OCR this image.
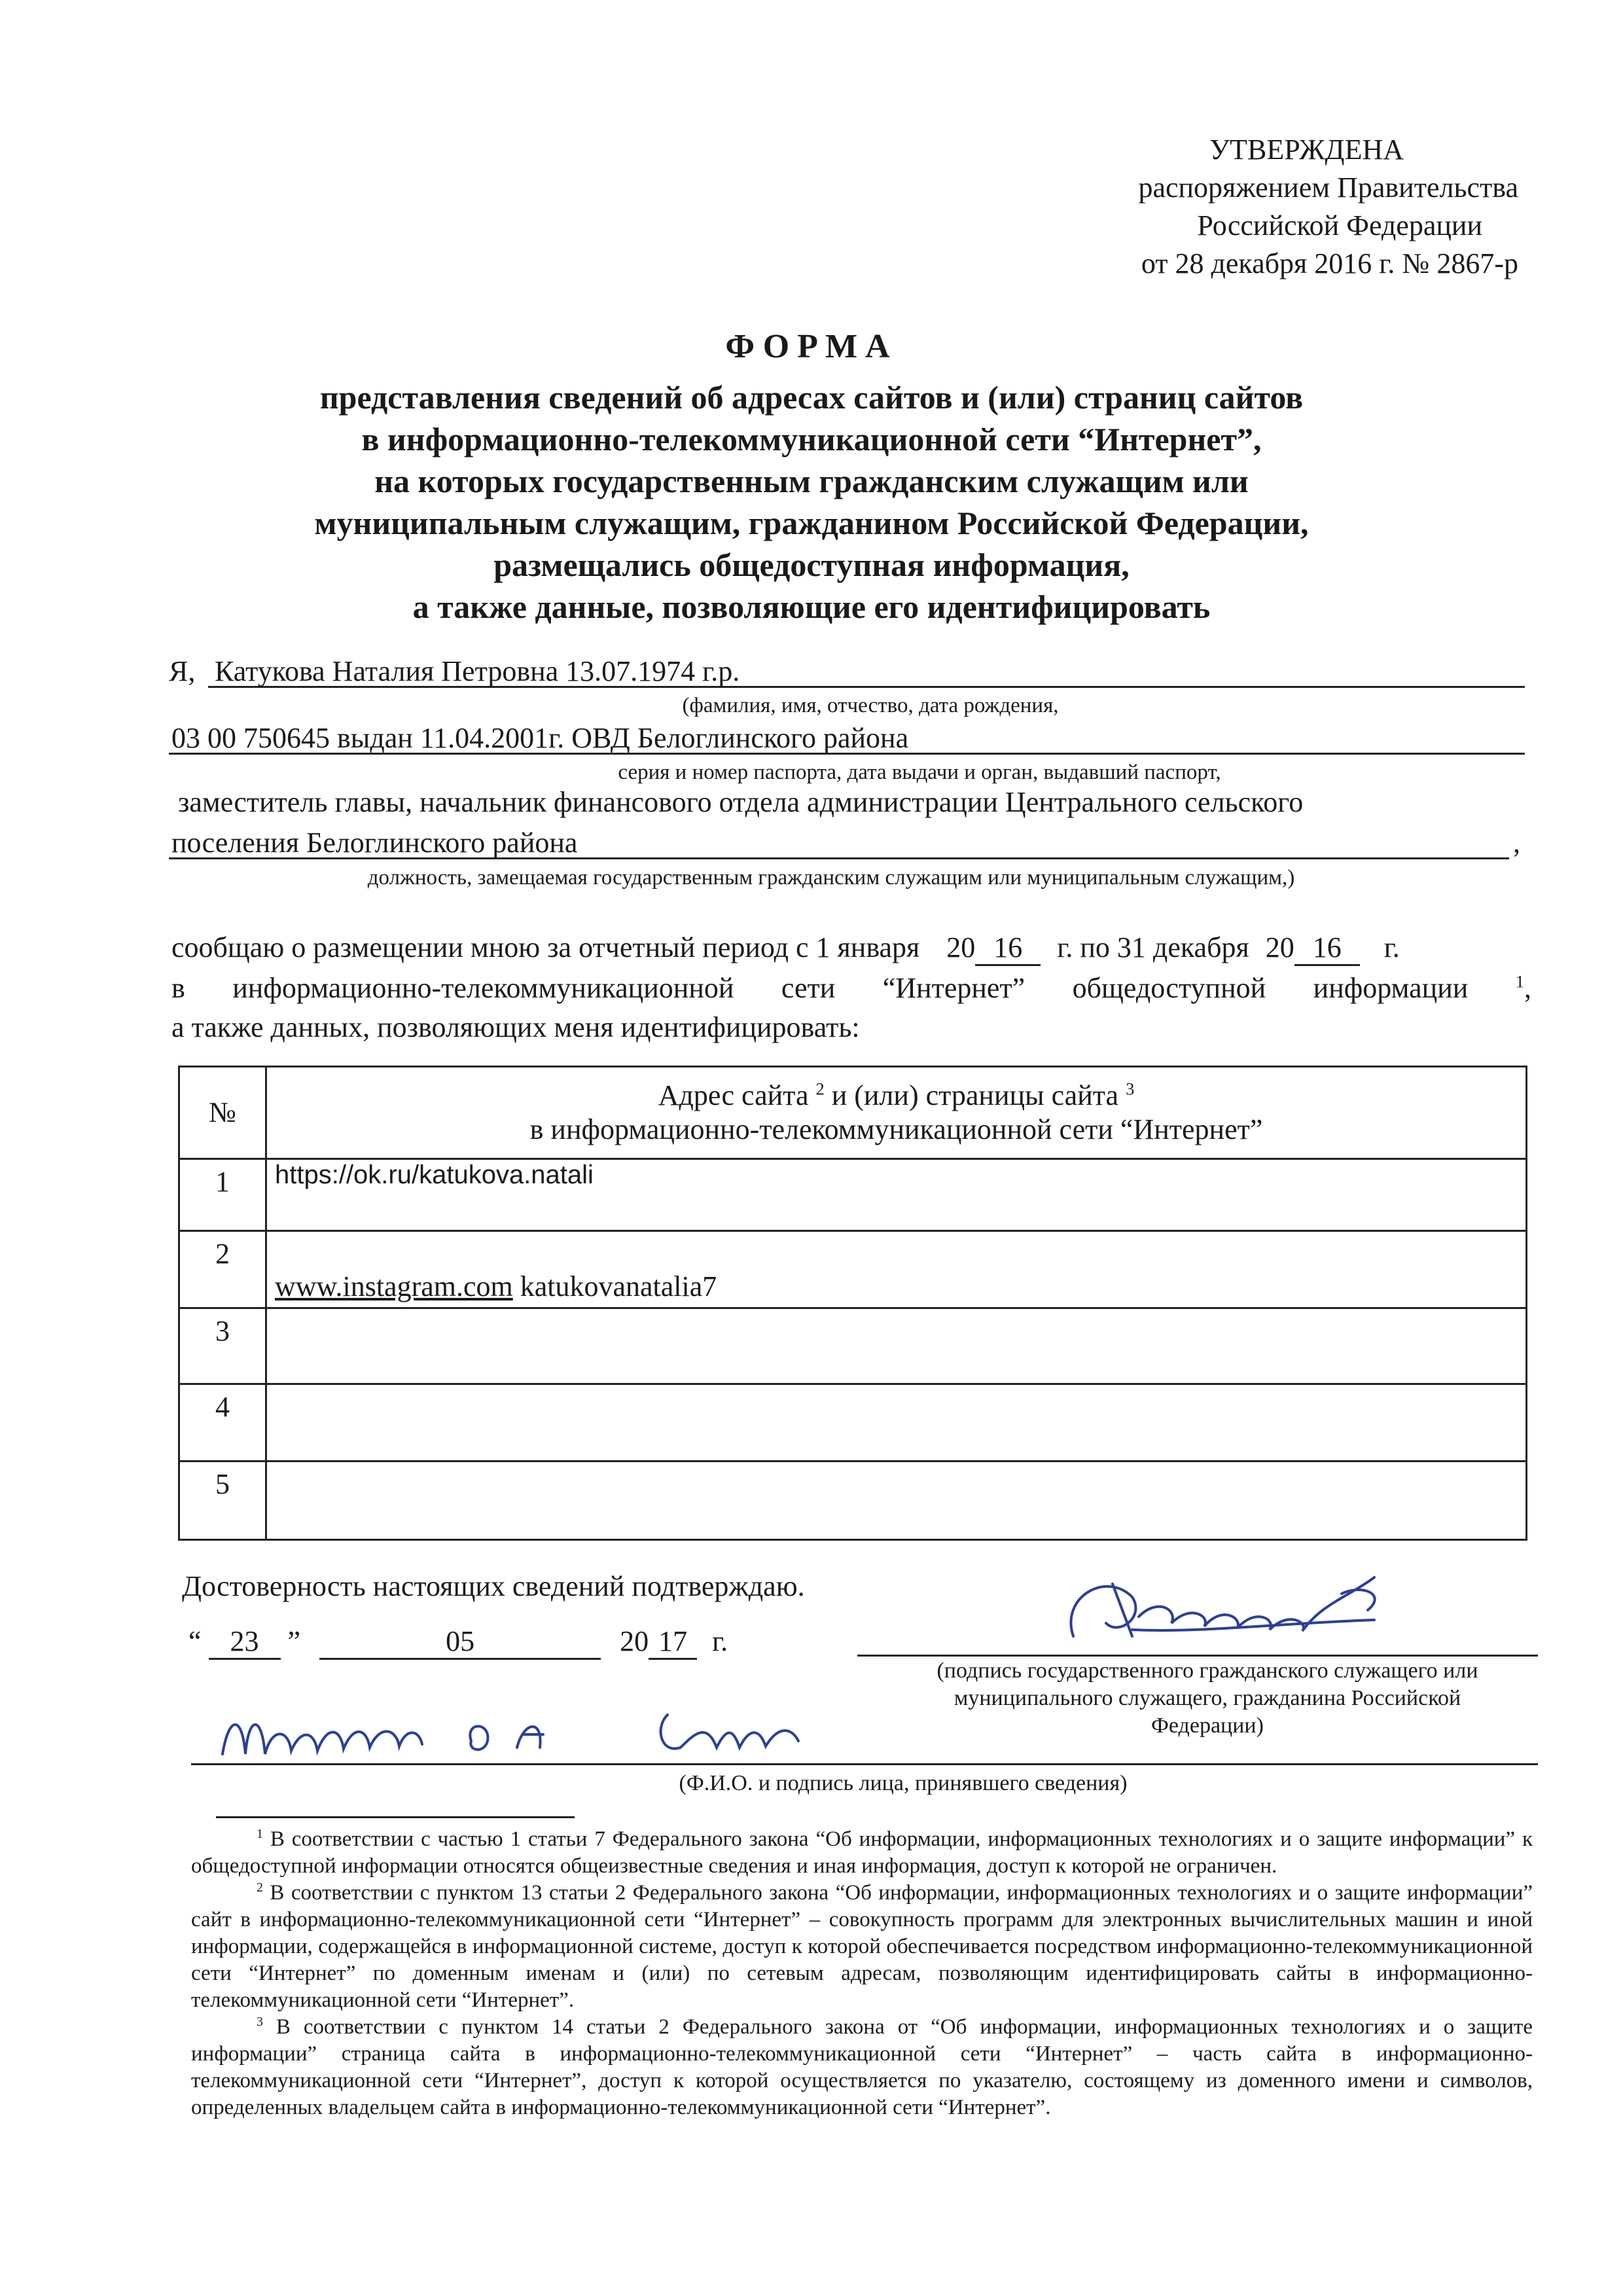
УТВЕРЖДЕНА
распоряжением Правительства
Российской Федерации
от 28 декабря 2016 г. № 2867-р
ФОРМА
представления сведений об адресах сайтов и (или) страниц сайтов
в информационно-телекоммуникационной сети “Интернет”,
на которых государственным гражданским служащим или
муниципальным служащим, гражданином Российской Федерации,
размещались общедоступная информация,
а также данные, позволяющие его идентифицировать
Я, Катукова Наталия Петровна 13.07.1974 г.р.
(фамилия, имя, отчество, дата рождения,
03 00 750645 выдан 11.04.2001г. ОВД Белоглинского района
серия и номер паспорта, дата выдачи и орган, выдавший паспорт,
заместитель главы, начальник финансового отдела администрации Центрального сельского
поселения Белоглинского района	,
должность, замещаемая государственным гражданским служащим или муниципальным служащим,)
сообщаю о размещении мною за отчетный период с 1 января 20 16 г. по 31 декабря 20 16 г.
в информационно-телекоммуникационной сети “Интернет” общедоступной информации	$^1$,
а также данных, позволяющих меня идентифицировать:
№	Адрес сайта $^2$ и (или) страницы сайта $^3$
в информационно-телекоммуникационной сети “Интернет”

1	https://ok.ru/katukova.natali
2	www.instagram.com katukovanatalia7
3	
4	
5	
Достоверность настоящих сведений подтверждаю.
“ 23 ”	05	20 17 г.
(подпись государственного гражданского служащего или
муниципального служащего, гражданина Российской
Федерации)
(Ф.И.О. и подпись лица, принявшего сведения)

$^1$ В соответствии с частью 1 статьи 7 Федерального закона “Об информации, информационных технологиях и о защите информации” к общедоступной информации относятся общеизвестные сведения и иная информация, доступ к которой не ограничен.

$^2$ В соответствии с пунктом 13 статьи 2 Федерального закона “Об информации, информационных технологиях и о защите информации” сайт в информационно-телекоммуникационной сети “Интернет” – совокупность программ для электронных вычислительных машин и иной информации, содержащейся в информационной системе, доступ к которой обеспечивается посредством информационно-телекоммуникационной сети “Интернет” по доменным именам и (или) по сетевым адресам, позволяющим идентифицировать сайты в информационно-телекоммуникационной сети “Интернет”.

$^3$ В соответствии с пунктом 14 статьи 2 Федерального закона от “Об информации, информационных технологиях и о защите информации” страница сайта в информационно-телекоммуникационной сети “Интернет” – часть сайта в информационно-телекоммуникационной сети “Интернет”, доступ к которой осуществляется по указателю, состоящему из доменного имени и символов, определенных владельцем сайта в информационно-телекоммуникационной сети “Интернет”.
